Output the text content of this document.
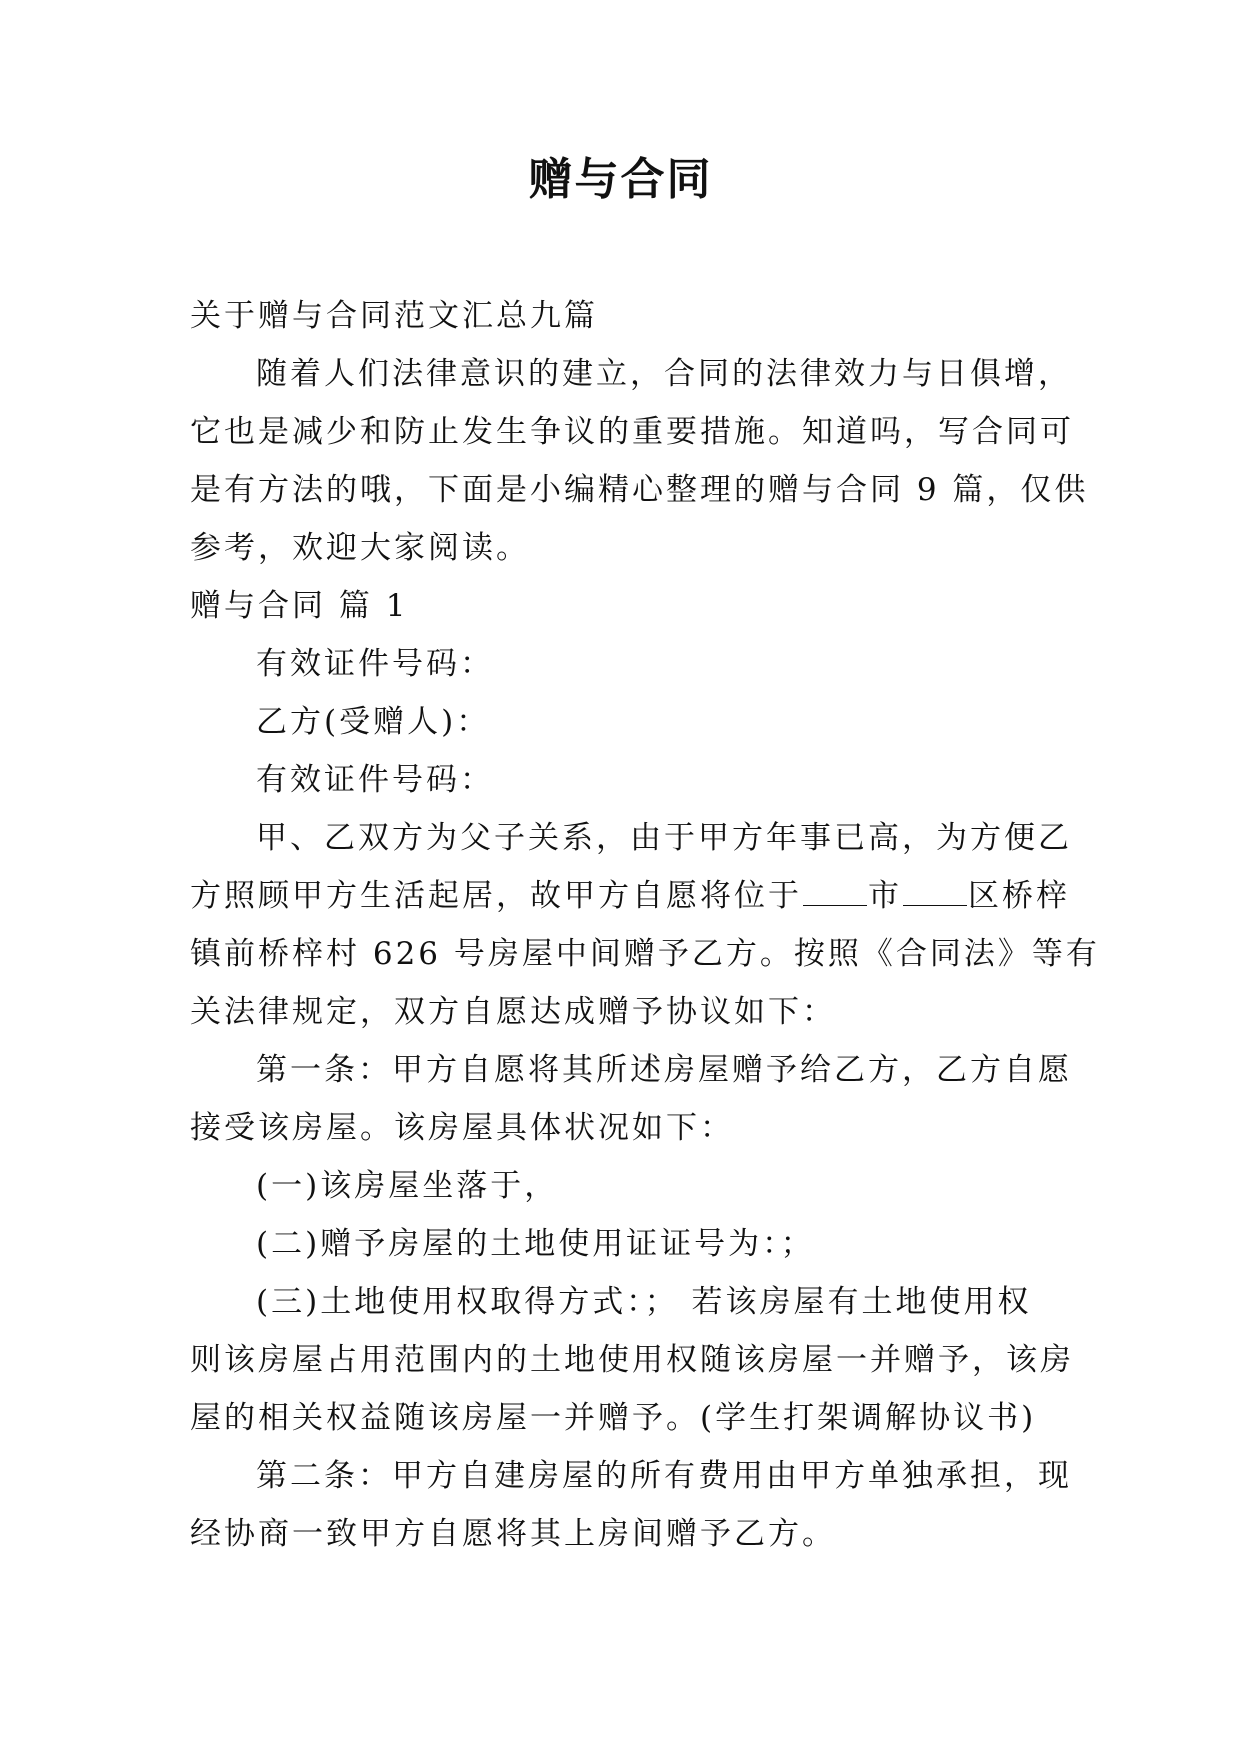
赠与合同
关于赠与合同范文汇总九篇
随着人们法律意识的建立，合同的法律效力与日俱增，
它也是减少和防止发生争议的重要措施。知道吗，写合同可
是有方法的哦，下面是小编精心整理的赠与合同 9 篇，仅供
参考，欢迎大家阅读。
赠与合同 篇 1
有效证件号码：
乙方(受赠人)：
有效证件号码：
甲、乙双方为父子关系，由于甲方年事已高，为方便乙
方照顾甲方生活起居，故甲方自愿将位于 市 区桥梓
镇前桥梓村 626 号房屋中间赠予乙方。按照《合同法》等有
关法律规定，双方自愿达成赠予协议如下：
第一条：甲方自愿将其所述房屋赠予给乙方，乙方自愿
接受该房屋。该房屋具体状况如下：
(一)该房屋坐落于，
(二)赠予房屋的土地使用证证号为：；
(三)土地使用权取得方式：； 若该房屋有土地使用权
则该房屋占用范围内的土地使用权随该房屋一并赠予，该房
屋的相关权益随该房屋一并赠予。(学生打架调解协议书)
第二条：甲方自建房屋的所有费用由甲方单独承担，现
经协商一致甲方自愿将其上房间赠予乙方。
